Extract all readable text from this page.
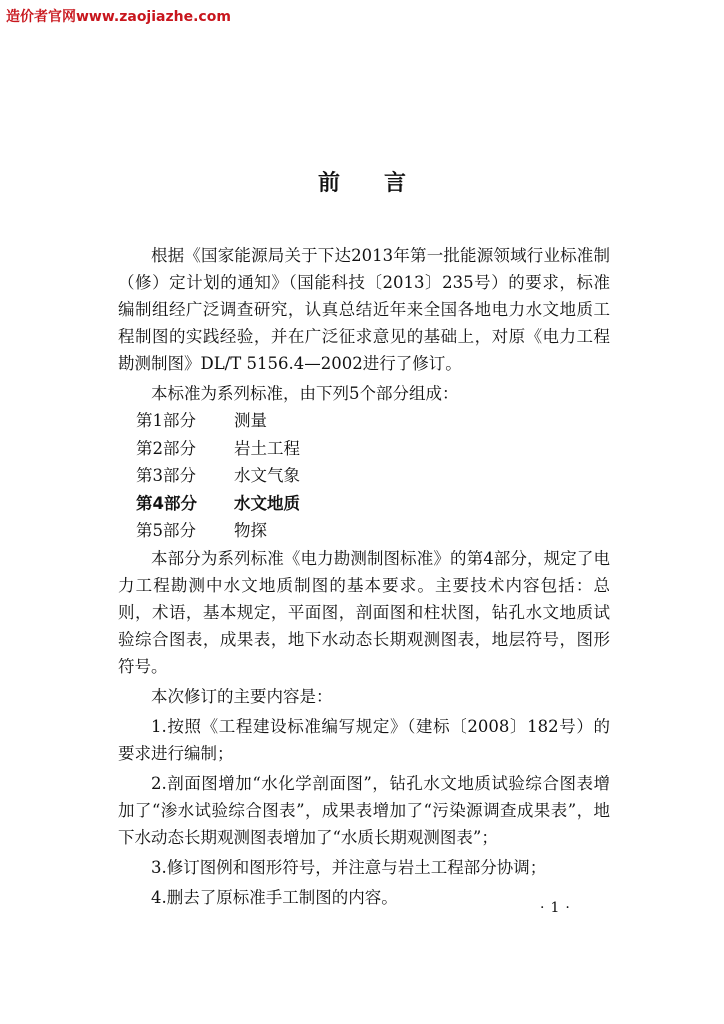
造价者官网www.zaojiazhe.com
前言

根据《国家能源局关于下达2013年第一批能源领域行业标准制（修）定计划的通知》（国能科技〔2013〕235号）的要求，标准编制组经广泛调查研究，认真总结近年来全国各地电力水文地质工程制图的实践经验，并在广泛征求意见的基础上，对原《电力工程勘测制图》DL/T 5156.4—2002进行了修订。

本标准为系列标准，由下列5个部分组成：

第1部分 测量
第2部分 岩土工程
第3部分 水文气象
第4部分 水文地质
第5部分 物探

本部分为系列标准《电力勘测制图标准》的第4部分，规定了电力工程勘测中水文地质制图的基本要求。主要技术内容包括：总则，术语，基本规定，平面图，剖面图和柱状图，钻孔水文地质试验综合图表，成果表，地下水动态长期观测图表，地层符号，图形符号。

本次修订的主要内容是：

1.按照《工程建设标准编写规定》（建标〔2008〕182号）的要求进行编制；

2.剖面图增加“水化学剖面图”，钻孔水文地质试验综合图表增加了“渗水试验综合图表”，成果表增加了“污染源调查成果表”，地下水动态长期观测图表增加了“水质长期观测图表”；

3.修订图例和图形符号，并注意与岩土工程部分协调；

4.删去了原标准手工制图的内容。

·1·
